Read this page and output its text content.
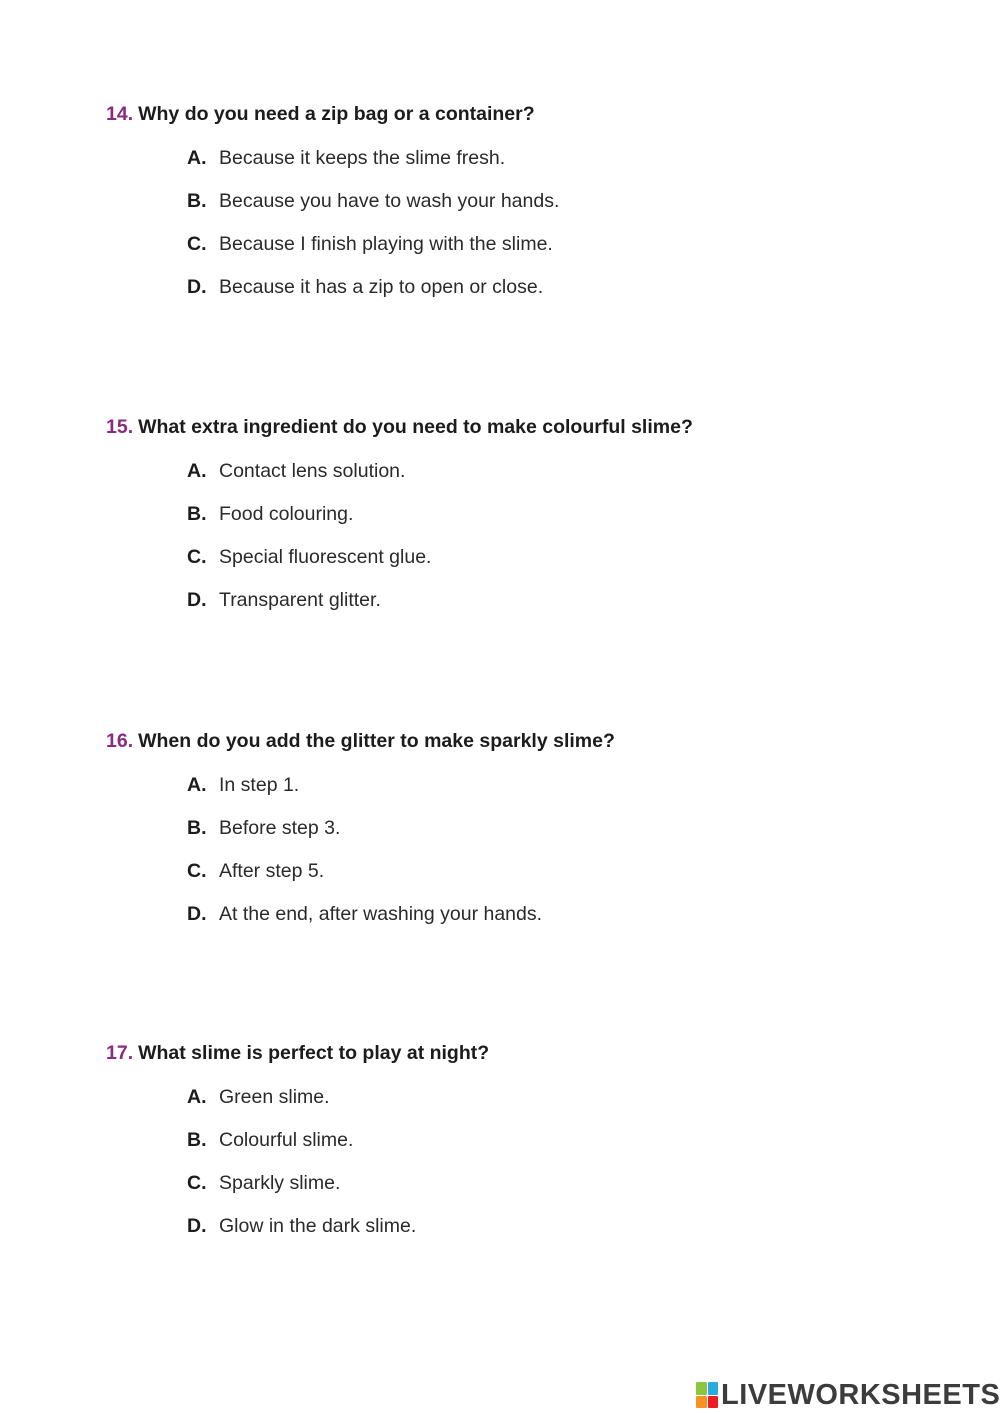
14. Why do you need a zip bag or a container?
A. Because it keeps the slime fresh.
B. Because you have to wash your hands.
C. Because I finish playing with the slime.
D. Because it has a zip to open or close.
15. What extra ingredient do you need to make colourful slime?
A. Contact lens solution.
B. Food colouring.
C. Special fluorescent glue.
D. Transparent glitter.
16. When do you add the glitter to make sparkly slime?
A. In step 1.
B. Before step 3.
C. After step 5.
D. At the end, after washing your hands.
17. What slime is perfect to play at night?
A. Green slime.
B. Colourful slime.
C. Sparkly slime.
D. Glow in the dark slime.
LIVEWORKSHEETS
